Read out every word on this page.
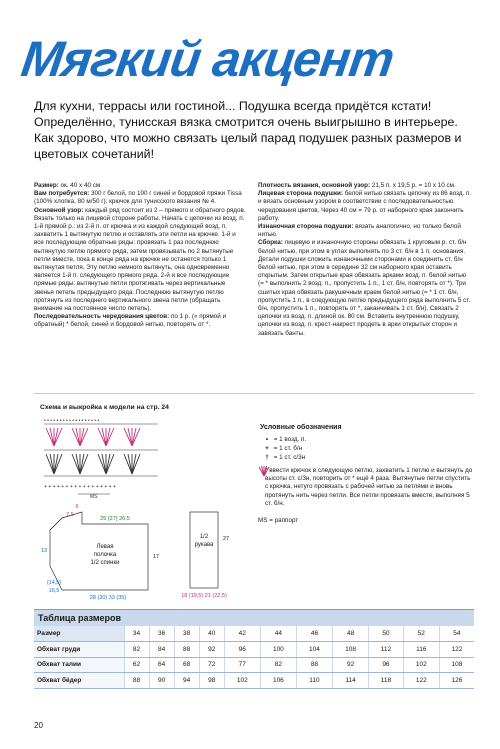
Мягкий акцент
Для кухни, террасы или гостиной... Подушка всегда придётся кстати! Определённо, тунисская вязка смотрится очень выигрышно в интерьере. Как здорово, что можно связать целый парад подушек разных размеров и цветовых сочетаний!

Размер: ок. 40 х 40 см

Вам потребуется: 300 г белой, по 100 г синей и бордовой пряжи Tissa (100% хлопка, 80 м/50 г); крючок для тунисского вязания № 4.

Основной узор: каждый ряд состоит из 2 – прямого и обратного рядов. Вязать только на лицевой стороне работы. Начать с цепочки из возд. п. 1-й прямой р.: из 2-й п. от крючка и из каждой следующей возд. п. захватить 1 вытянутую петлю и оставлять эти петли на крючке. 1-й и все последующие обратные ряды: провязать 1 раз последнюю вытянутую петлю прямого ряда, затем провязывать по 2 вытянутые петли вместе, пока в конце ряда на крючке не останется только 1 вытянутая петля. Эту петлю немного вытянуть, она одновременно является 1-й п. следующего прямого ряда. 2-й и все последующие прямые ряды: вытянутые петли протягивать через вертикальные звенья петель предыдущего ряда. Последнюю вытянутую петлю протянуть из последнего вертикального звена петли (обращать внимание на постоянное число петель).

Последовательность чередования цветов: по 1 р. (« прямой и обратный) * белой, синей и бордовой нитью, повторять от *.

Плотность вязания, основной узор: 21,5 п. х 19,5 р. = 10 х 10 см.

Лицевая сторона подушки: белой нитью связать цепочку из 86 возд. п. и вязать основным узором в соответствии с последовательностью чередования цветов. Через 40 см = 79 р. от наборного края закончить работу.

Изнаночная сторона подушки: вязать аналогично, но только белой нитью.

Сборка: лицевую и изнаночную стороны обвязать 1 круговым р. ст. б/н белой нитью, при этом в углах выполнять по 3 ст. б/н в 1 п. основания. Детали подушки сложить изнаночными сторонами и соединить ст. б/н белой нитью, при этом в середине 32 см наборного края оставить открытым. Затем открытые края обвязать арками возд. п. белой нитью (= * выполнить 2 возд. п., пропустить 1 п., 1 ст. б/н, повторять от *). Три сшитых края обвязать ракушечным краем белой нитью (= * 1 ст. б/н, пропустить 1 п., в следующую петлю предыдущего ряда выполнить 5 ст. б/н, пропустить 1 п., повторять от *, заканчивать 1 ст. б/н). Связать 2 цепочки из возд. п. длиной ок. 80 см. Вставить внутреннюю подушку, цепочки из возд. п. крест-накрест продеть в арки открытых сторон и завязать банты.

Схема и выкройка к модели на стр. 24
• • • • • • • • • • • • • • • • • •
+ + + + + + + + + + + + + + + + +
MS
Условные обозначения
• = 1 возд. п.
+ = 1 ст. б/н
† = 1 ст. с/3н
* ввести крючок в следующую петлю, захватить 1 петлю и вытянуть до высоты ст. с/3н, повторить от * ещё 4 раза. Вытянутые петли спустить с крючка, нетуго провязать с рабочей нитью за петлями и вновь протянуть нить через петли. Все петли провязать вместе, выполняя 5 ст. б/н.
MS = раппорт
Левая
полочка
1/2 спинки
1/2
рукава
6
7,5
25 (27) 26,5
17
13
(14,5)
16,5
28 (30) 33 (35)
27
18 (19,5) 21 (22,5)
Таблица размеров
Размер	34	36	38	40	42	44	46	48	50	52	54
Обхват груди	82	84	88	92	96	100	104	108	112	116	122
Обхват талии	62	64	68	72	77	82	88	92	96	102	108
Обхват бёдер	88	90	94	98	102	106	110	114	118	122	126
20
